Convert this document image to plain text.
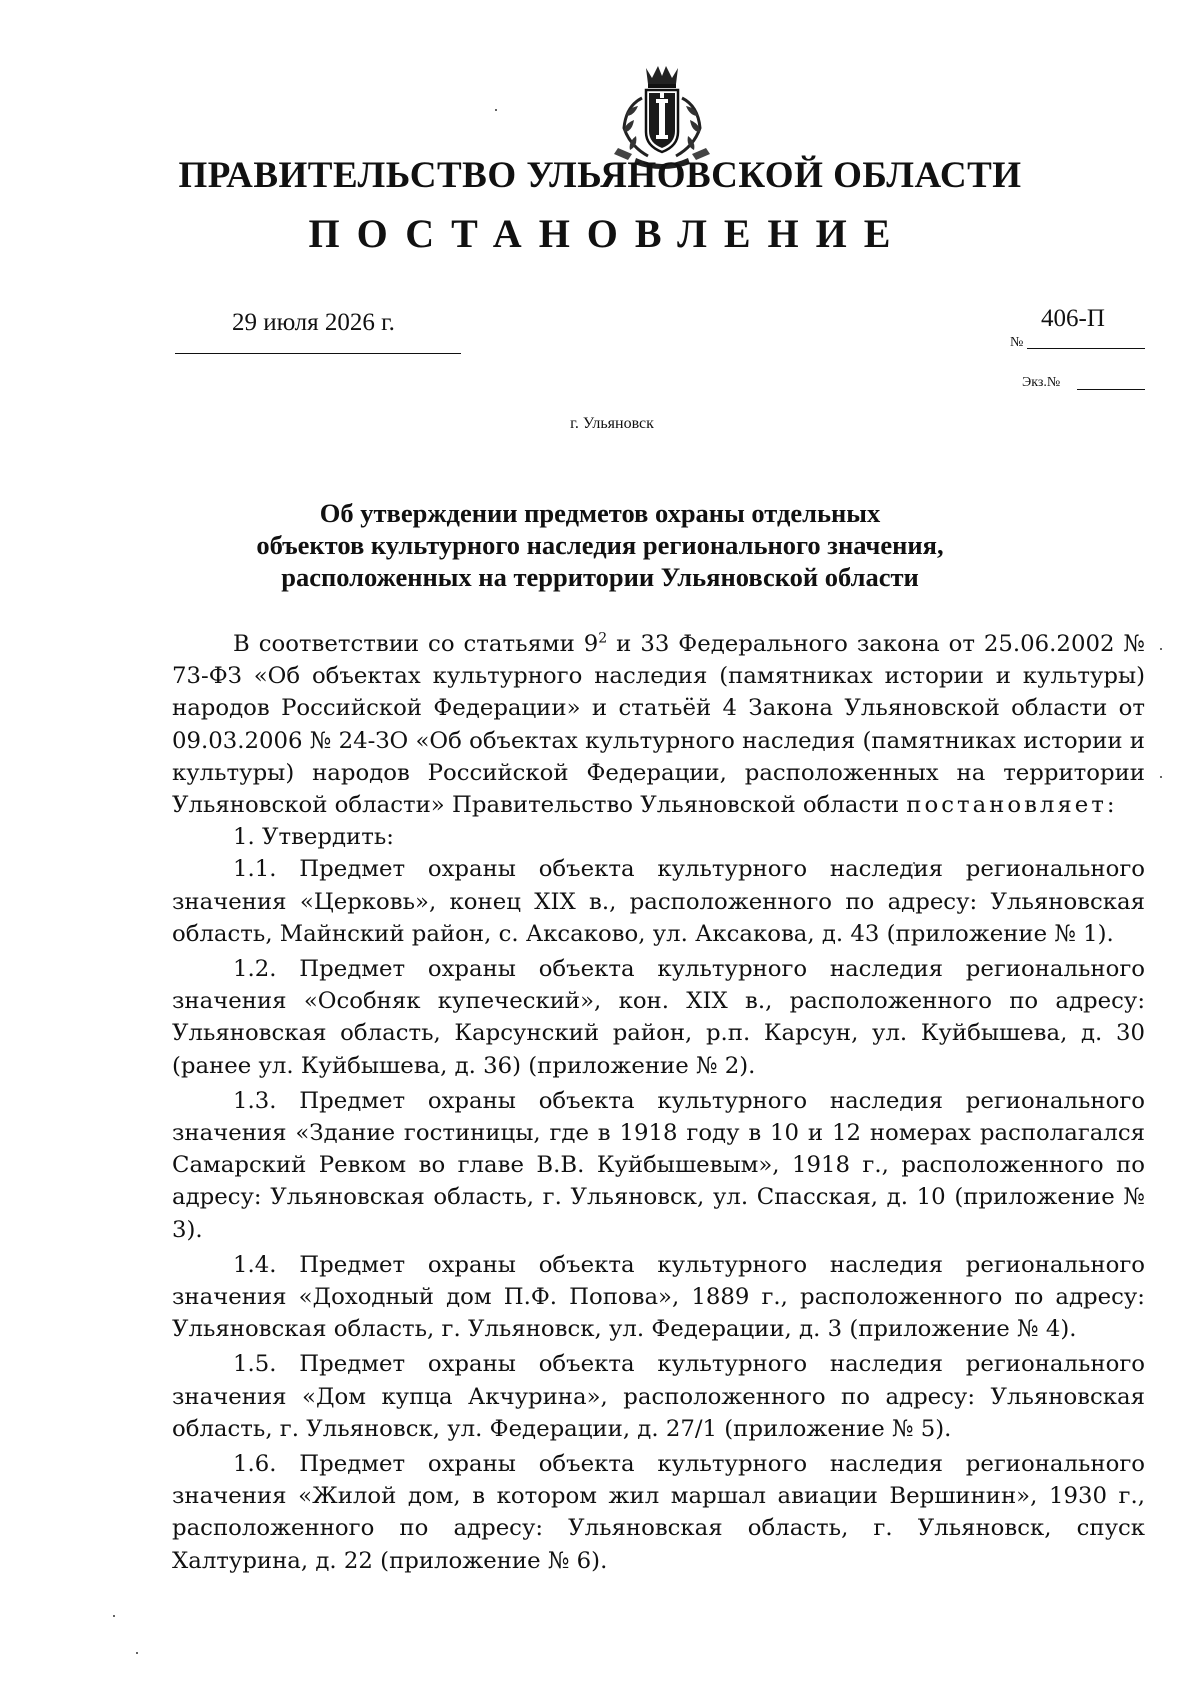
ПРАВИТЕЛЬСТВО УЛЬЯНОВСКОЙ ОБЛАСТИ
ПОСТАНОВЛЕНИЕ
29 июля 2026 г.
№
406-П
Экз.№
г. Ульяновск
Об утверждении предметов охраны отдельных
объектов культурного наследия регионального значения,
расположенных на территории Ульяновской области

В соответствии со статьями $9^2$ и 33 Федерального закона от 25.06.2002 № 73-ФЗ «Об объектах культурного наследия (памятниках истории и культуры) народов Российской Федерации» и статьёй 4 Закона Ульяновской области от 09.03.2006 № 24-ЗО «Об объектах культурного наследия (памятниках истории и культуры) народов Российской Федерации, расположенных на территории Ульяновской области» Правительство Ульяновской области постановляет:

1. Утвердить:

1.1. Предмет охраны объекта культурного наследия регионального значения «Церковь», конец XIX в., расположенного по адресу: Ульяновская область, Майнский район, с. Аксаково, ул. Аксакова, д. 43 (приложение № 1).

1.2. Предмет охраны объекта культурного наследия регионального значения «Особняк купеческий», кон. XIX в., расположенного по адресу: Ульяновская область, Карсунский район, р.п. Карсун, ул. Куйбышева, д. 30 (ранее ул. Куйбышева, д. 36) (приложение № 2).

1.3. Предмет охраны объекта культурного наследия регионального значения «Здание гостиницы, где в 1918 году в 10 и 12 номерах располагался Самарский Ревком во главе В.В. Куйбышевым», 1918 г., расположенного по адресу: Ульяновская область, г. Ульяновск, ул. Спасская, д. 10 (приложение № 3).

1.4. Предмет охраны объекта культурного наследия регионального значения «Доходный дом П.Ф. Попова», 1889 г., расположенного по адресу: Ульяновская область, г. Ульяновск, ул. Федерации, д. 3 (приложение № 4).

1.5. Предмет охраны объекта культурного наследия регионального значения «Дом купца Акчурина», расположенного по адресу: Ульяновская область, г. Ульяновск, ул. Федерации, д. 27/1 (приложение № 5).

1.6. Предмет охраны объекта культурного наследия регионального значения «Жилой дом, в котором жил маршал авиации Вершинин», 1930 г., расположенного по адресу: Ульяновская область, г. Ульяновск, спуск Халтурина, д. 22 (приложение № 6).
